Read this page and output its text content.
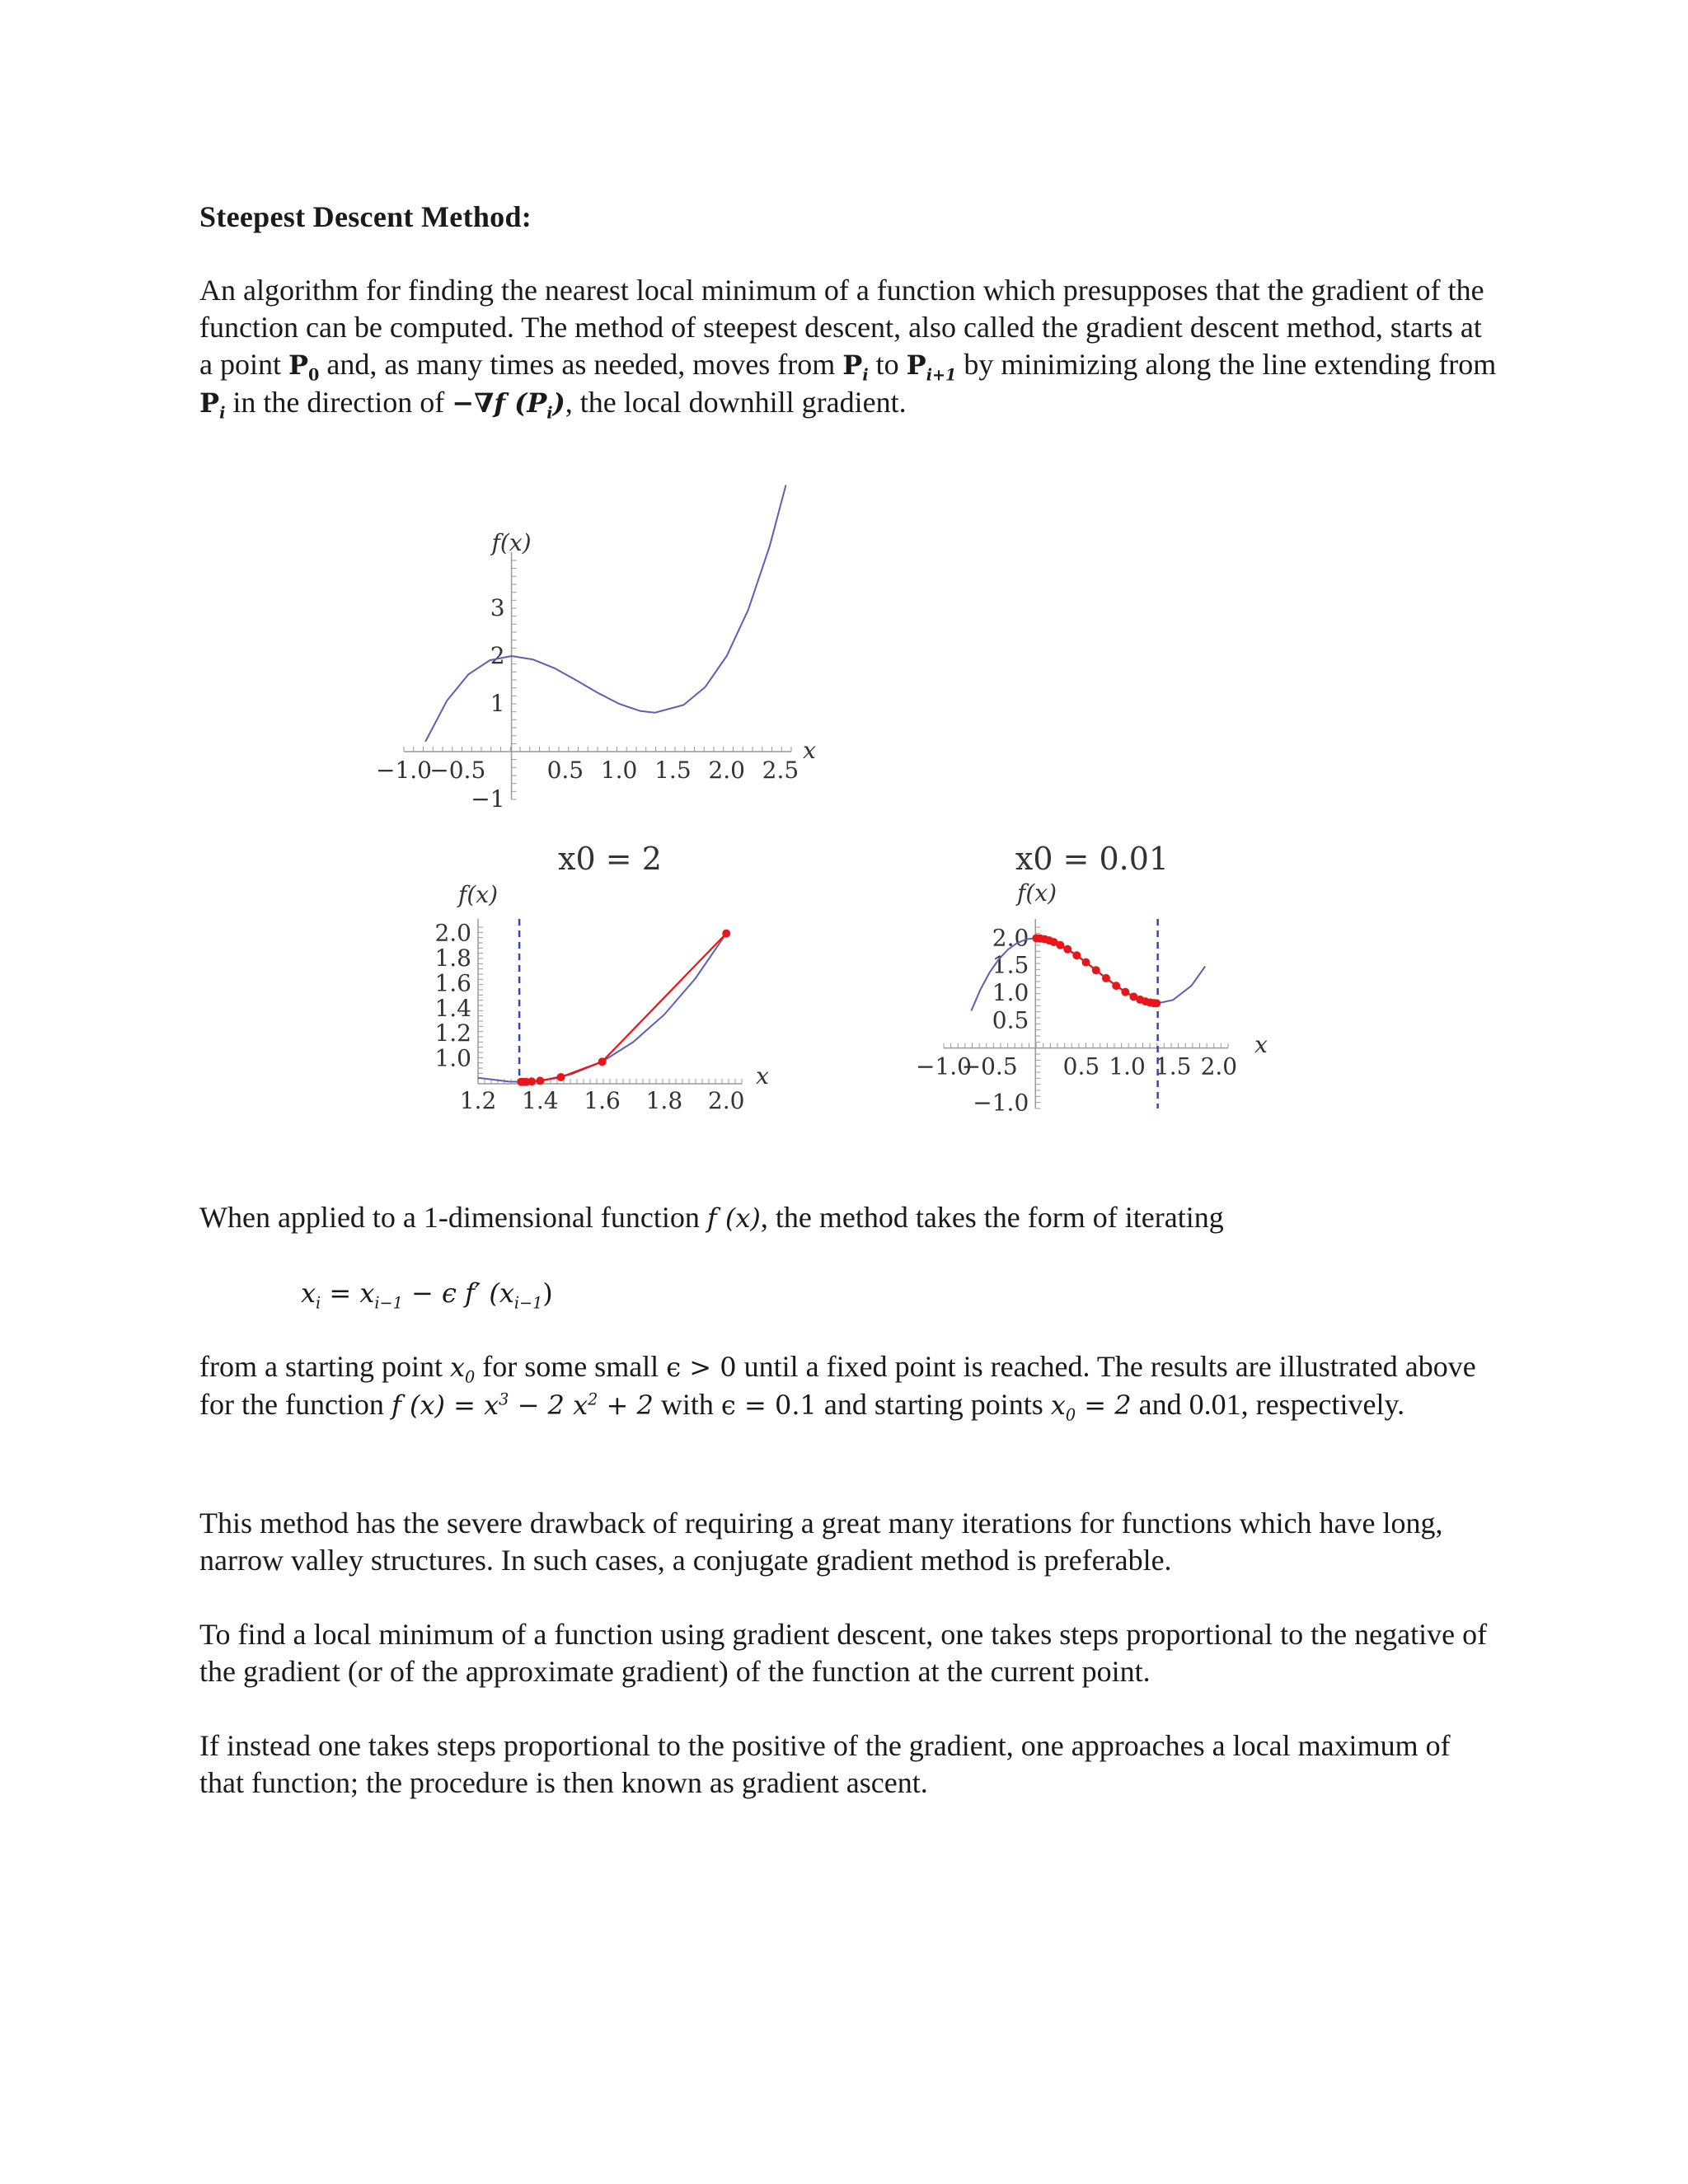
Steepest Descent Method:
An algorithm for finding the nearest local minimum of a function which presupposes that the gradient of the function can be computed. The method of steepest descent, also called the gradient descent method, starts at a point $P_0$ and, as many times as needed, moves from $P_i$ to $P_{i+1}$ by minimizing along the line extending from $P_i$ in the direction of −∇f $(P_i)$, the local downhill gradient.
−1.0
−0.5	0.5 1.0 1.5 2.0 2.5
−1
1
2
3
f(x)
x
1.2 1.4 1.6 1.8 2.0
1.0
1.2
1.4
1.6
1.8
2.0
f(x)
x
x0 = 2
−1.0
−0.5 0.5 1.0 1.5 2.0
−1.0
0.5
1.0
1.5
2.0
f(x)
x
x0 = 0.01
When applied to a 1-dimensional function f (x), the method takes the form of iterating
$x_i = x_{i-1} - \epsilon$ f′ $(x_{i-1})$
from a starting point $x_0$ for some small ϵ > 0 until a fixed point is reached. The results are illustrated above for the function f $(x) = x^3 - 2$ $x^2 + 2$ with ϵ = 0.1 and starting points $x_0 = 2$ and 0.01, respectively.
This method has the severe drawback of requiring a great many iterations for functions which have long, narrow valley structures. In such cases, a conjugate gradient method is preferable.
To find a local minimum of a function using gradient descent, one takes steps proportional to the negative of the gradient (or of the approximate gradient) of the function at the current point.
If instead one takes steps proportional to the positive of the gradient, one approaches a local maximum of that function; the procedure is then known as gradient ascent.
